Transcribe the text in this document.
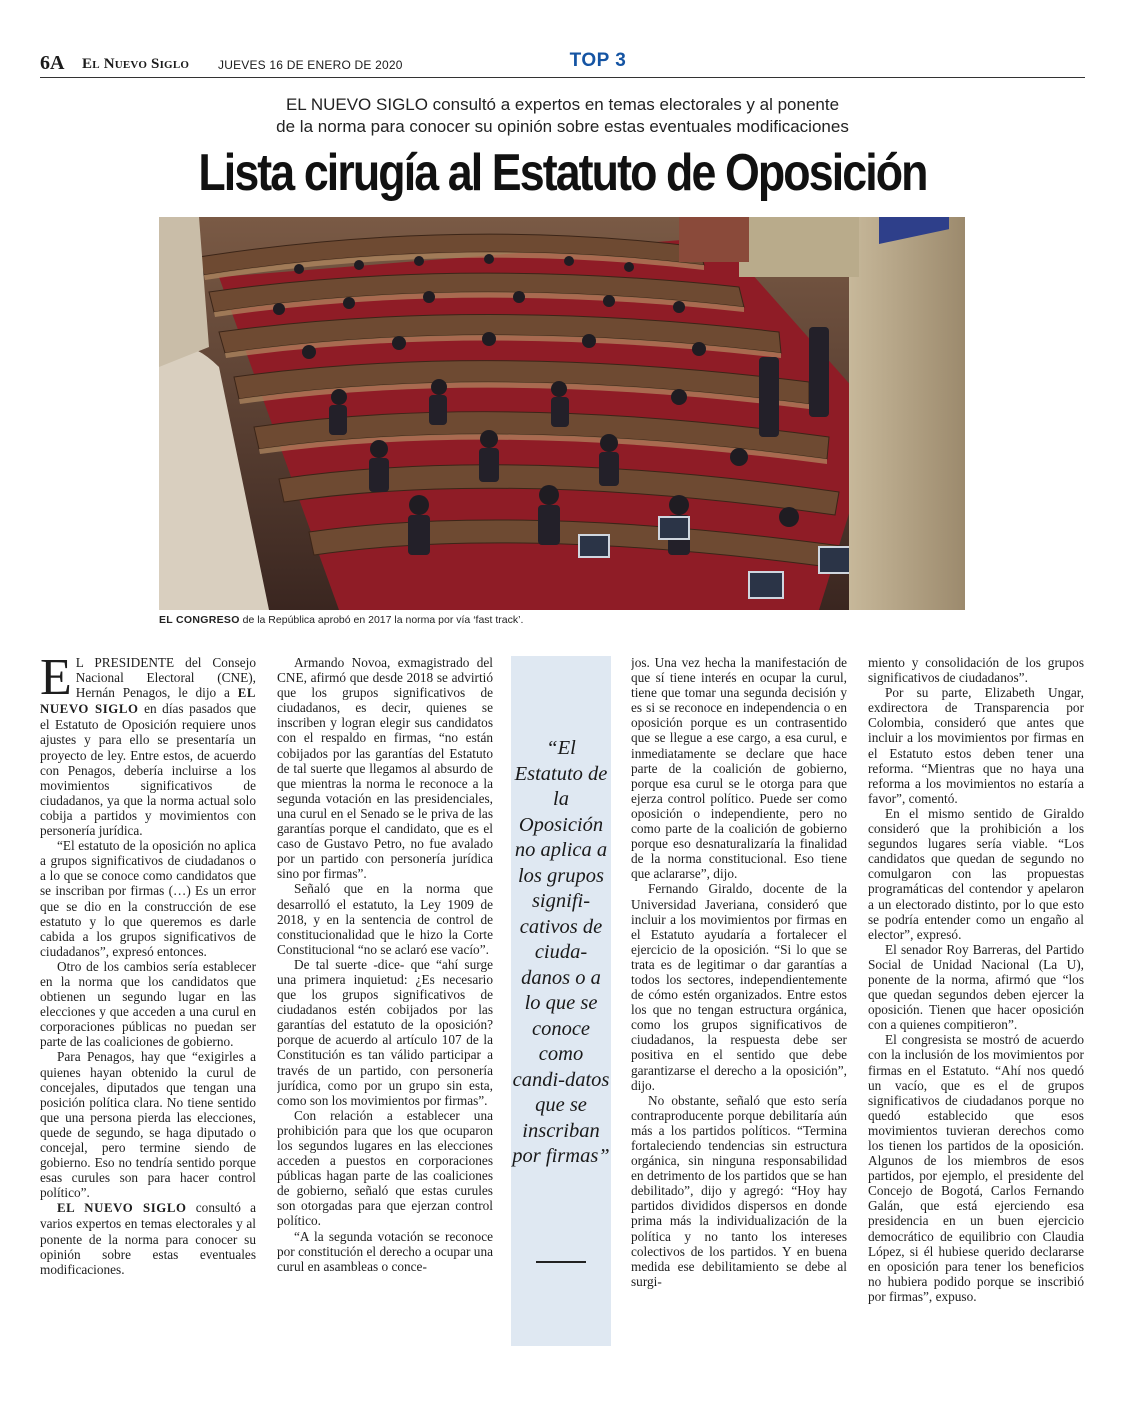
6A El Nuevo Siglo JUEVES 16 DE ENERO DE 2020	TOP 3
EL NUEVO SIGLO consultó a expertos en temas electorales y al ponente
de la norma para conocer su opinión sobre estas eventuales modificaciones
Lista cirugía al Estatuto de Oposición
EL CONGRESO de la República aprobó en 2017 la norma por vía ‘fast track’.

E L PRESIDENTE del Consejo Nacional Electoral (CNE), Hernán Penagos, le dijo a EL NUEVO SIGLO en días pasados que el Estatuto de Oposición requiere unos ajustes y para ello se presentaría un proyecto de ley. Entre estos, de acuerdo con Penagos, debería incluirse a los movimientos significativos de ciudadanos, ya que la norma actual solo cobija a partidos y movimientos con personería jurídica.

“El estatuto de la oposición no aplica a grupos significativos de ciudadanos o a lo que se conoce como candidatos que se inscriban por firmas (…) Es un error que se dio en la construcción de ese estatuto y lo que queremos es darle cabida a los grupos significativos de ciudadanos”, expresó entonces.

Otro de los cambios sería establecer en la norma que los candidatos que obtienen un segundo lugar en las elecciones y que acceden a una curul en corporaciones públicas no puedan ser parte de las coaliciones de gobierno.

Para Penagos, hay que “exigirles a quienes hayan obtenido la curul de concejales, diputados que tengan una posición política clara. No tiene sentido que una persona pierda las elecciones, quede de segundo, se haga diputado o concejal, pero termine siendo de gobierno. Eso no tendría sentido porque esas curules son para hacer control político”.

EL NUEVO SIGLO consultó a varios expertos en temas electorales y al ponente de la norma para conocer su opinión sobre estas eventuales modificaciones.

Armando Novoa, exmagistrado del CNE, afirmó que desde 2018 se advirtió que los grupos significativos de ciudadanos, es decir, quienes se inscriben y logran elegir sus candidatos con el respaldo en firmas, “no están cobijados por las garantías del Estatuto de tal suerte que llegamos al absurdo de que mientras la norma le reconoce a la segunda votación en las presidenciales, una curul en el Senado se le priva de las garantías porque el candidato, que es el caso de Gustavo Petro, no fue avalado por un partido con personería jurídica sino por firmas”.

Señaló que en la norma que desarrolló el estatuto, la Ley 1909 de 2018, y en la sentencia de control de constitucionalidad que le hizo la Corte Constitucional “no se aclaró ese vacío”.

De tal suerte -dice- que “ahí surge una primera inquietud: ¿Es necesario que los grupos significativos de ciudadanos estén cobijados por las garantías del estatuto de la oposición? porque de acuerdo al artículo 107 de la Constitución es tan válido participar a través de un partido, con personería jurídica, como por un grupo sin esta, como son los movimientos por firmas”.

Con relación a establecer una prohibición para que los que ocuparon los segundos lugares en las elecciones acceden a puestos en corporaciones públicas hagan parte de las coaliciones de gobierno, señaló que estas curules son otorgadas para que ejerzan control político.

“A la segunda votación se reconoce por constitución el derecho a ocupar una curul en asambleas o conce-

“El Estatuto de la Oposición no aplica a los grupos signifi-cativos de ciuda-danos o a lo que se conoce como candi-datos que se inscriban por firmas”

jos. Una vez hecha la manifestación de que sí tiene interés en ocupar la curul, tiene que tomar una segunda decisión y es si se reconoce en independencia o en oposición porque es un contrasentido que se llegue a ese cargo, a esa curul, e inmediatamente se declare que hace parte de la coalición de gobierno, porque esa curul se le otorga para que ejerza control político. Puede ser como oposición o independiente, pero no como parte de la coalición de gobierno porque eso desnaturalizaría la finalidad de la norma constitucional. Eso tiene que aclararse”, dijo.

Fernando Giraldo, docente de la Universidad Javeriana, consideró que incluir a los movimientos por firmas en el Estatuto ayudaría a fortalecer el ejercicio de la oposición. “Si lo que se trata es de legitimar o dar garantías a todos los sectores, independientemente de cómo estén organizados. Entre estos los que no tengan estructura orgánica, como los grupos significativos de ciudadanos, la respuesta debe ser positiva en el sentido que debe garantizarse el derecho a la oposición”, dijo.

No obstante, señaló que esto sería contraproducente porque debilitaría aún más a los partidos políticos. “Termina fortaleciendo tendencias sin estructura orgánica, sin ninguna responsabilidad en detrimento de los partidos que se han debilitado”, dijo y agregó: “Hoy hay partidos divididos dispersos en donde prima más la individualización de la política y no tanto los intereses colectivos de los partidos. Y en buena medida ese debilitamiento se debe al surgi-

miento y consolidación de los grupos significativos de ciudadanos”.

Por su parte, Elizabeth Ungar, exdirectora de Transparencia por Colombia, consideró que antes que incluir a los movimientos por firmas en el Estatuto estos deben tener una reforma. “Mientras que no haya una reforma a los movimientos no estaría a favor”, comentó.

En el mismo sentido de Giraldo consideró que la prohibición a los segundos lugares sería viable. “Los candidatos que quedan de segundo no comulgaron con las propuestas programáticas del contendor y apelaron a un electorado distinto, por lo que esto se podría entender como un engaño al elector”, expresó.

El senador Roy Barreras, del Partido Social de Unidad Nacional (La U), ponente de la norma, afirmó que “los que quedan segundos deben ejercer la oposición. Tienen que hacer oposición con a quienes compitieron”.

El congresista se mostró de acuerdo con la inclusión de los movimientos por firmas en el Estatuto. “Ahí nos quedó un vacío, que es el de grupos significativos de ciudadanos porque no quedó establecido que esos movimientos tuvieran derechos como los tienen los partidos de la oposición. Algunos de los miembros de esos partidos, por ejemplo, el presidente del Concejo de Bogotá, Carlos Fernando Galán, que está ejerciendo esa presidencia en un buen ejercicio democrático de equilibrio con Claudia López, si él hubiese querido declararse en oposición para tener los beneficios no hubiera podido porque se inscribió por firmas”, expuso.
